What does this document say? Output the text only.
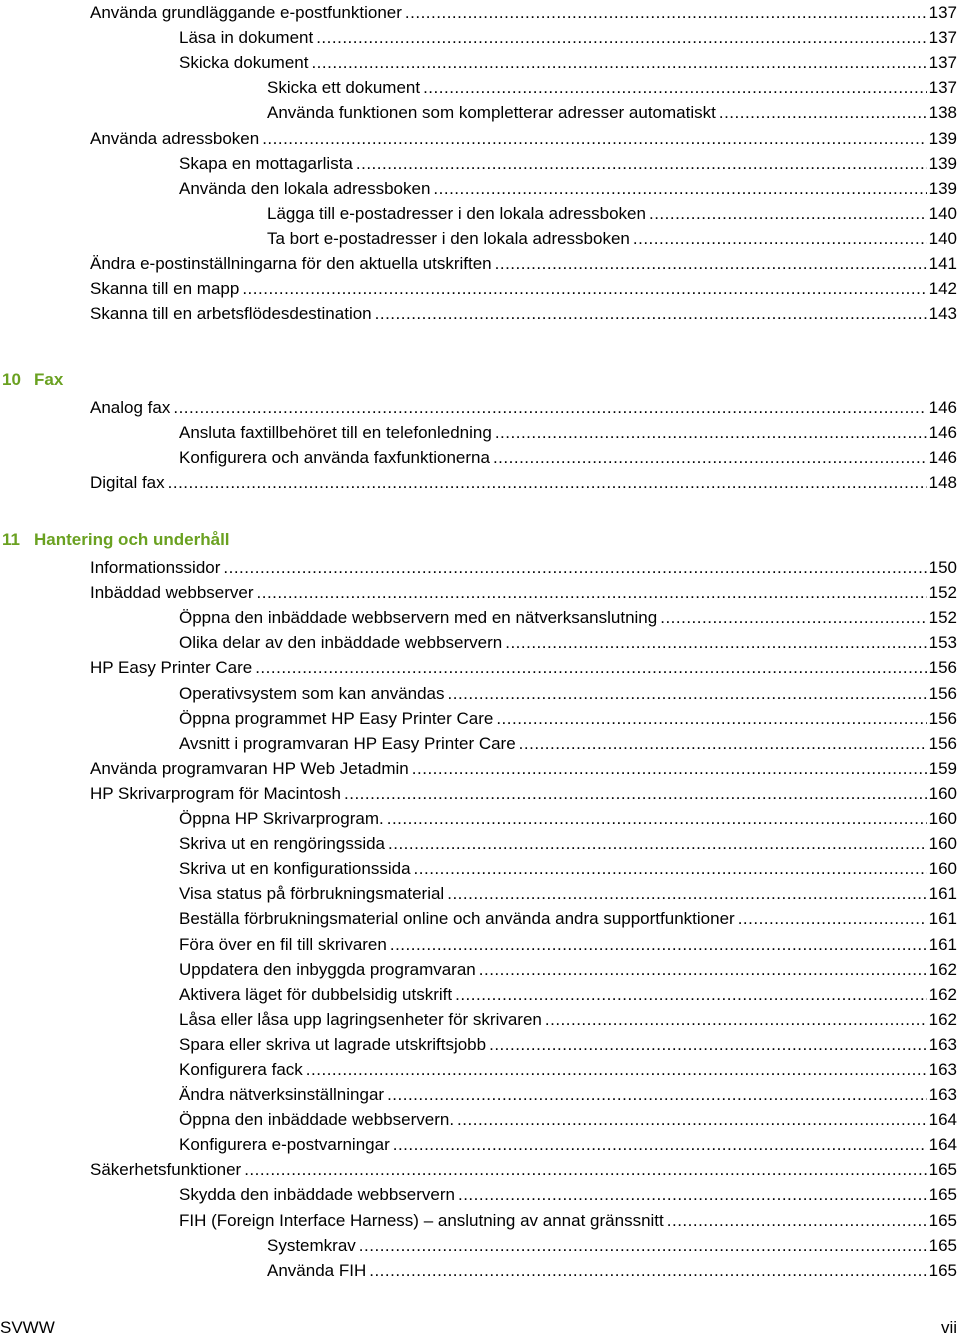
Använda grundläggande e-postfunktioner .....	137
Läsa in dokument .....	137
Skicka dokument .....	137
Skicka ett dokument .....	137
Använda funktionen som kompletterar adresser automatiskt .....	138
Använda adressboken .....	139
Skapa en mottagarlista .....	139
Använda den lokala adressboken .....	139
Lägga till e-postadresser i den lokala adressboken .....	140
Ta bort e-postadresser i den lokala adressboken .....	140
Ändra e-postinställningarna för den aktuella utskriften .....	141
Skanna till en mapp .....	142
Skanna till en arbetsflödesdestination .....	143
10 Fax
Analog fax .....	146
Ansluta faxtillbehöret till en telefonledning .....	146
Konfigurera och använda faxfunktionerna .....	146
Digital fax .....	148
11 Hantering och underhåll
Informationssidor .....	150
Inbäddad webbserver .....	152
Öppna den inbäddade webbservern med en nätverksanslutning .....	152
Olika delar av den inbäddade webbservern .....	153
HP Easy Printer Care .....	156
Operativsystem som kan användas .....	156
Öppna programmet HP Easy Printer Care .....	156
Avsnitt i programvaran HP Easy Printer Care .....	156
Använda programvaran HP Web Jetadmin .....	159
HP Skrivarprogram för Macintosh .....	160
Öppna HP Skrivarprogram. .....	160
Skriva ut en rengöringssida .....	160
Skriva ut en konfigurationssida .....	160
Visa status på förbrukningsmaterial .....	161
Beställa förbrukningsmaterial online och använda andra supportfunktioner .....	161
Föra över en fil till skrivaren .....	161
Uppdatera den inbyggda programvaran .....	162
Aktivera läget för dubbelsidig utskrift .....	162
Låsa eller låsa upp lagringsenheter för skrivaren .....	162
Spara eller skriva ut lagrade utskriftsjobb .....	163
Konfigurera fack .....	163
Ändra nätverksinställningar .....	163
Öppna den inbäddade webbservern. .....	164
Konfigurera e-postvarningar .....	164
Säkerhetsfunktioner .....	165
Skydda den inbäddade webbservern .....	165
FIH (Foreign Interface Harness) – anslutning av annat gränssnitt .....	165
Systemkrav .....	165
Använda FIH .....	165
SVWW	vii
